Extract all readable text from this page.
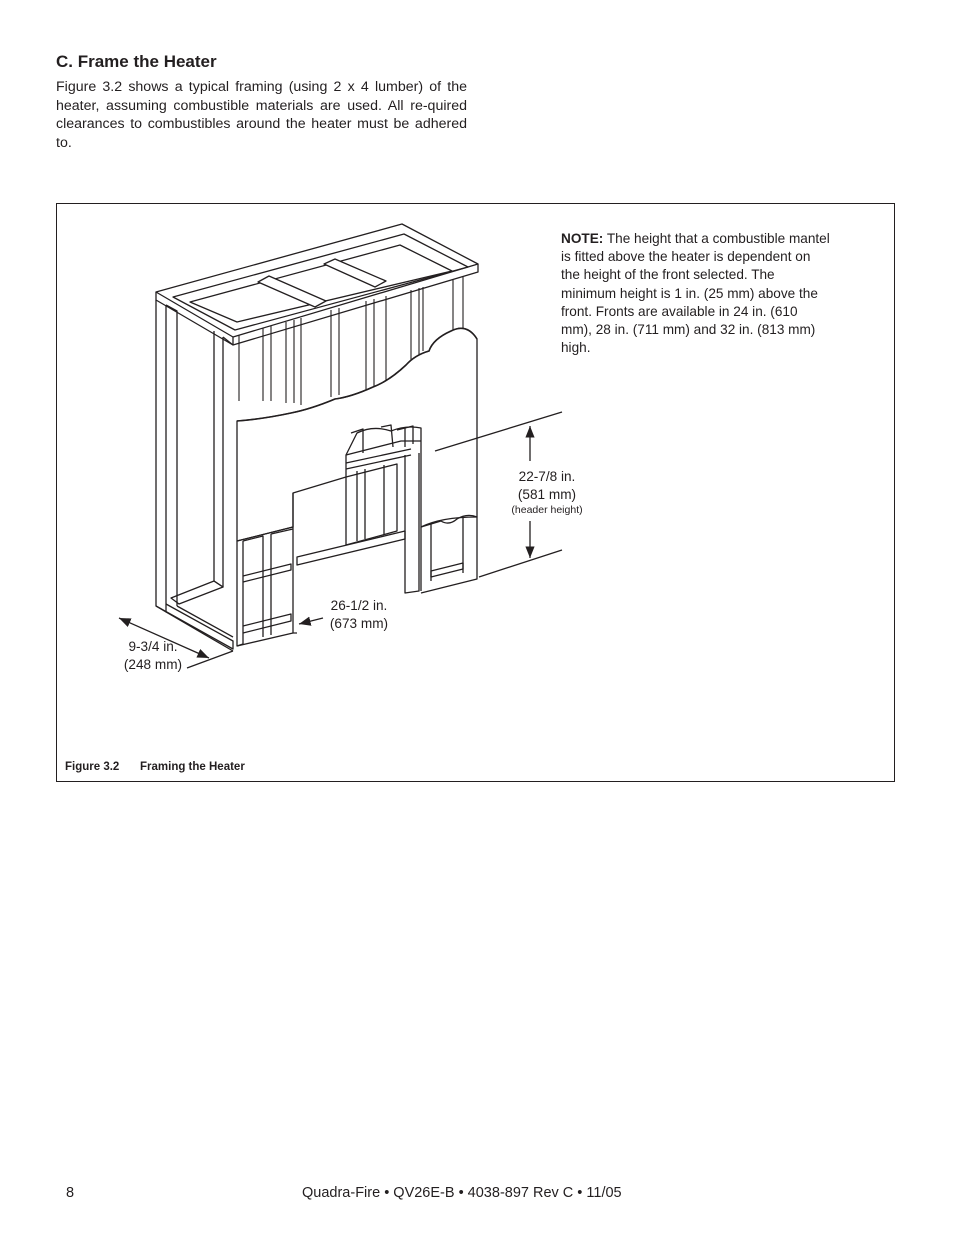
C. Frame the Heater

Figure 3.2 shows a typical framing (using 2 x 4 lumber) of the heater, assuming combustible materials are used. All re-quired clearances to combustibles around the heater must be adhered to.

NOTE: The height that a combustible mantel is fitted above the heater is dependent on the height of the front selected. The minimum height is 1 in. (25 mm) above the front. Fronts are available in 24 in. (610 mm), 28 in. (711 mm) and 32 in. (813 mm) high.

22-7/8 in.
(581 mm)
(header height)
26-1/2 in.
(673 mm)
9-3/4 in.
(248 mm)
Figure 3.2 Framing the Heater
8	Quadra-Fire • QV26E-B • 4038-897 Rev C • 11/05
